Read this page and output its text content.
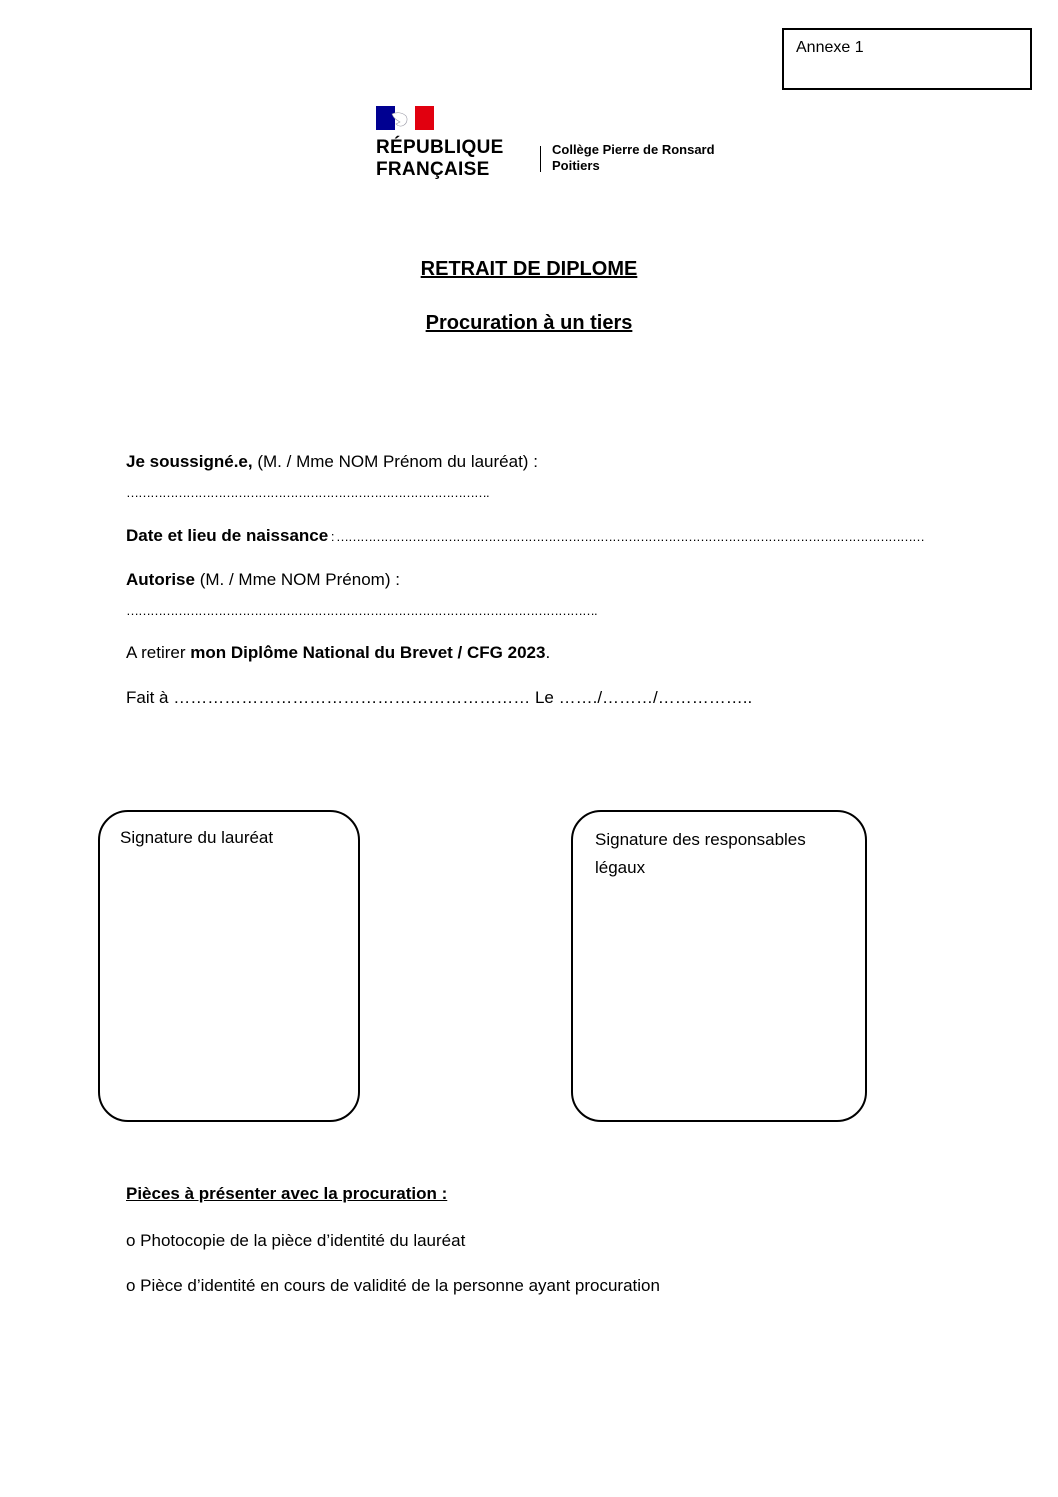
Annexe 1
RÉPUBLIQUE
FRANÇAISE
Collège Pierre de Ronsard
Poitiers
RETRAIT DE DIPLOME
Procuration à un tiers
Je soussigné.e, (M. / Mme NOM Prénom du lauréat) :
……………………………………………………………………………….
Date et lieu de naissance : …………………………………………………………………………………………………………………………………
Autorise (M. / Mme NOM Prénom) :
……………………………………………………………………………………………………….
A retirer mon Diplôme National du Brevet / CFG 2023.
Fait à ……………………………………………………… Le ……./………/……………..
Signature du lauréat	Signature des responsables légaux
Pièces à présenter avec la procuration :
o Photocopie de la pièce d’identité du lauréat
o Pièce d’identité en cours de validité de la personne ayant procuration
